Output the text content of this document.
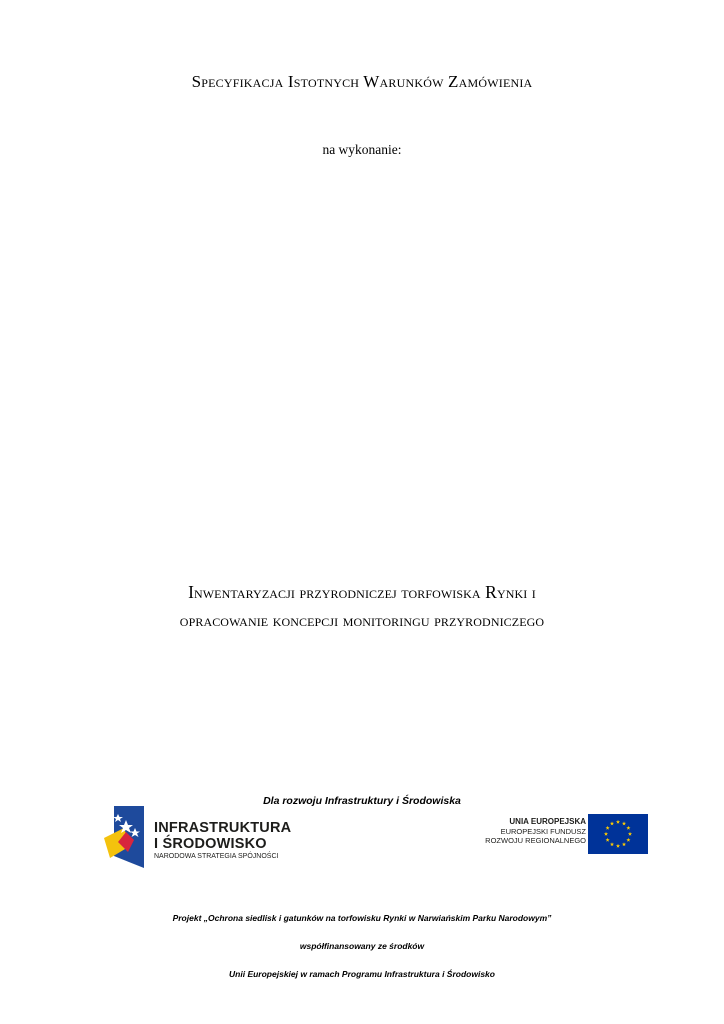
Specyfikacja Istotnych Warunków Zamówienia
na wykonanie:
Inwentaryzacji przyrodniczej torfowiska Rynki i
opracowanie koncepcji monitoringu przyrodniczego
Dla rozwoju Infrastruktury i Środowiska
INFRASTRUKTURA
I ŚRODOWISKO
NARODOWA STRATEGIA SPÓJNOŚCI
UNIA EUROPEJSKA
EUROPEJSKI FUNDUSZ
ROZWOJU REGIONALNEGO
Projekt „Ochrona siedlisk i gatunków na torfowisku Rynki w Narwiańskim Parku Narodowym”
współfinansowany ze środków
Unii Europejskiej w ramach Programu Infrastruktura i Środowisko
